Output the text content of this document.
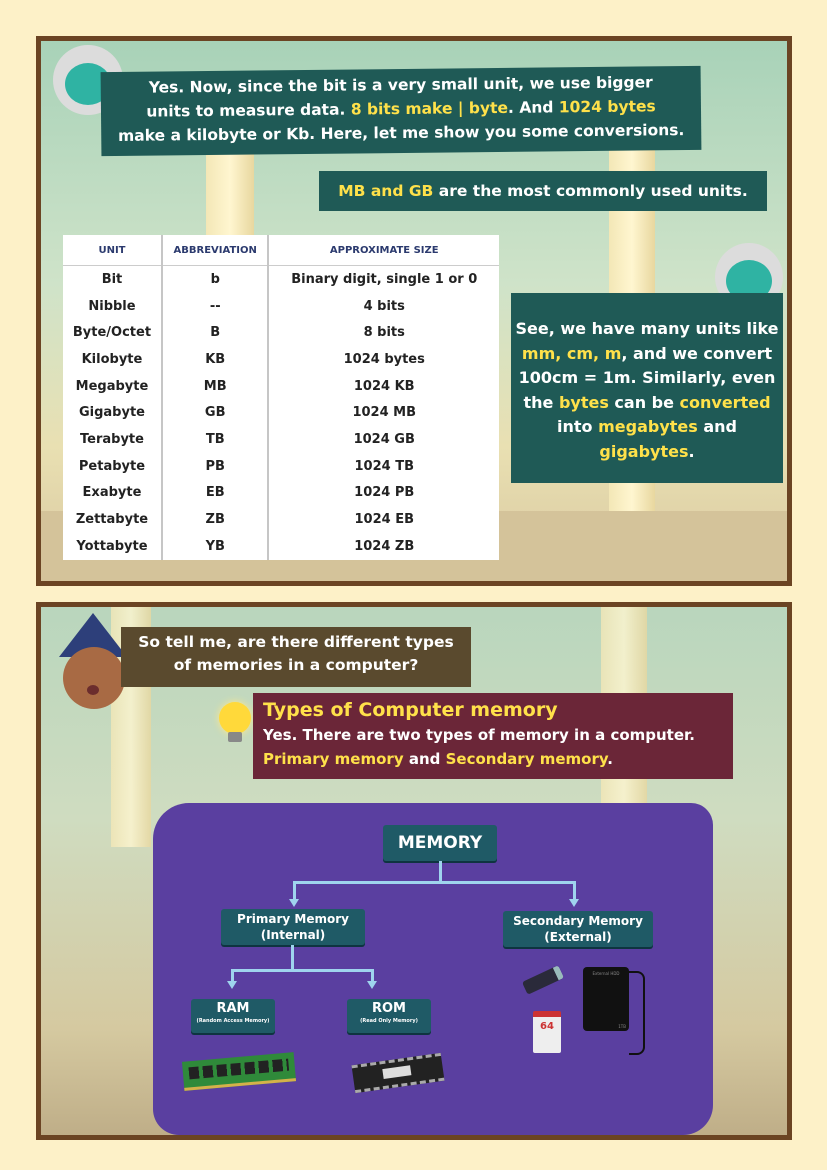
Yes. Now, since the bit is a very small unit, we use bigger
units to measure data. 8 bits make | byte. And 1024 bytes
make a kilobyte or Kb. Here, let me show you some conversions.
MB and GB are the most commonly used units.
UNIT	ABBREVIATION	APPROXIMATE SIZE
Bit	b	Binary digit, single 1 or 0
Nibble	--	4 bits
Byte/Octet	B	8 bits
Kilobyte	KB	1024 bytes
Megabyte	MB	1024 KB
Gigabyte	GB	1024 MB
Terabyte	TB	1024 GB
Petabyte	PB	1024 TB
Exabyte	EB	1024 PB
Zettabyte	ZB	1024 EB
Yottabyte	YB	1024 ZB
See, we have many units like
mm, cm, m, and we convert
100cm = 1m. Similarly, even
the bytes can be converted
into megabytes and
gigabytes.
So tell me, are there different types
of memories in a computer?
Types of Computer memory
Yes. There are two types of memory in a computer.
Primary memory and Secondary memory.
MEMORY
Primary Memory
(Internal)
Secondary Memory
(External)
RAM
(Random Access Memory)
ROM
(Read Only Memory)	64
External HDD
1TB
